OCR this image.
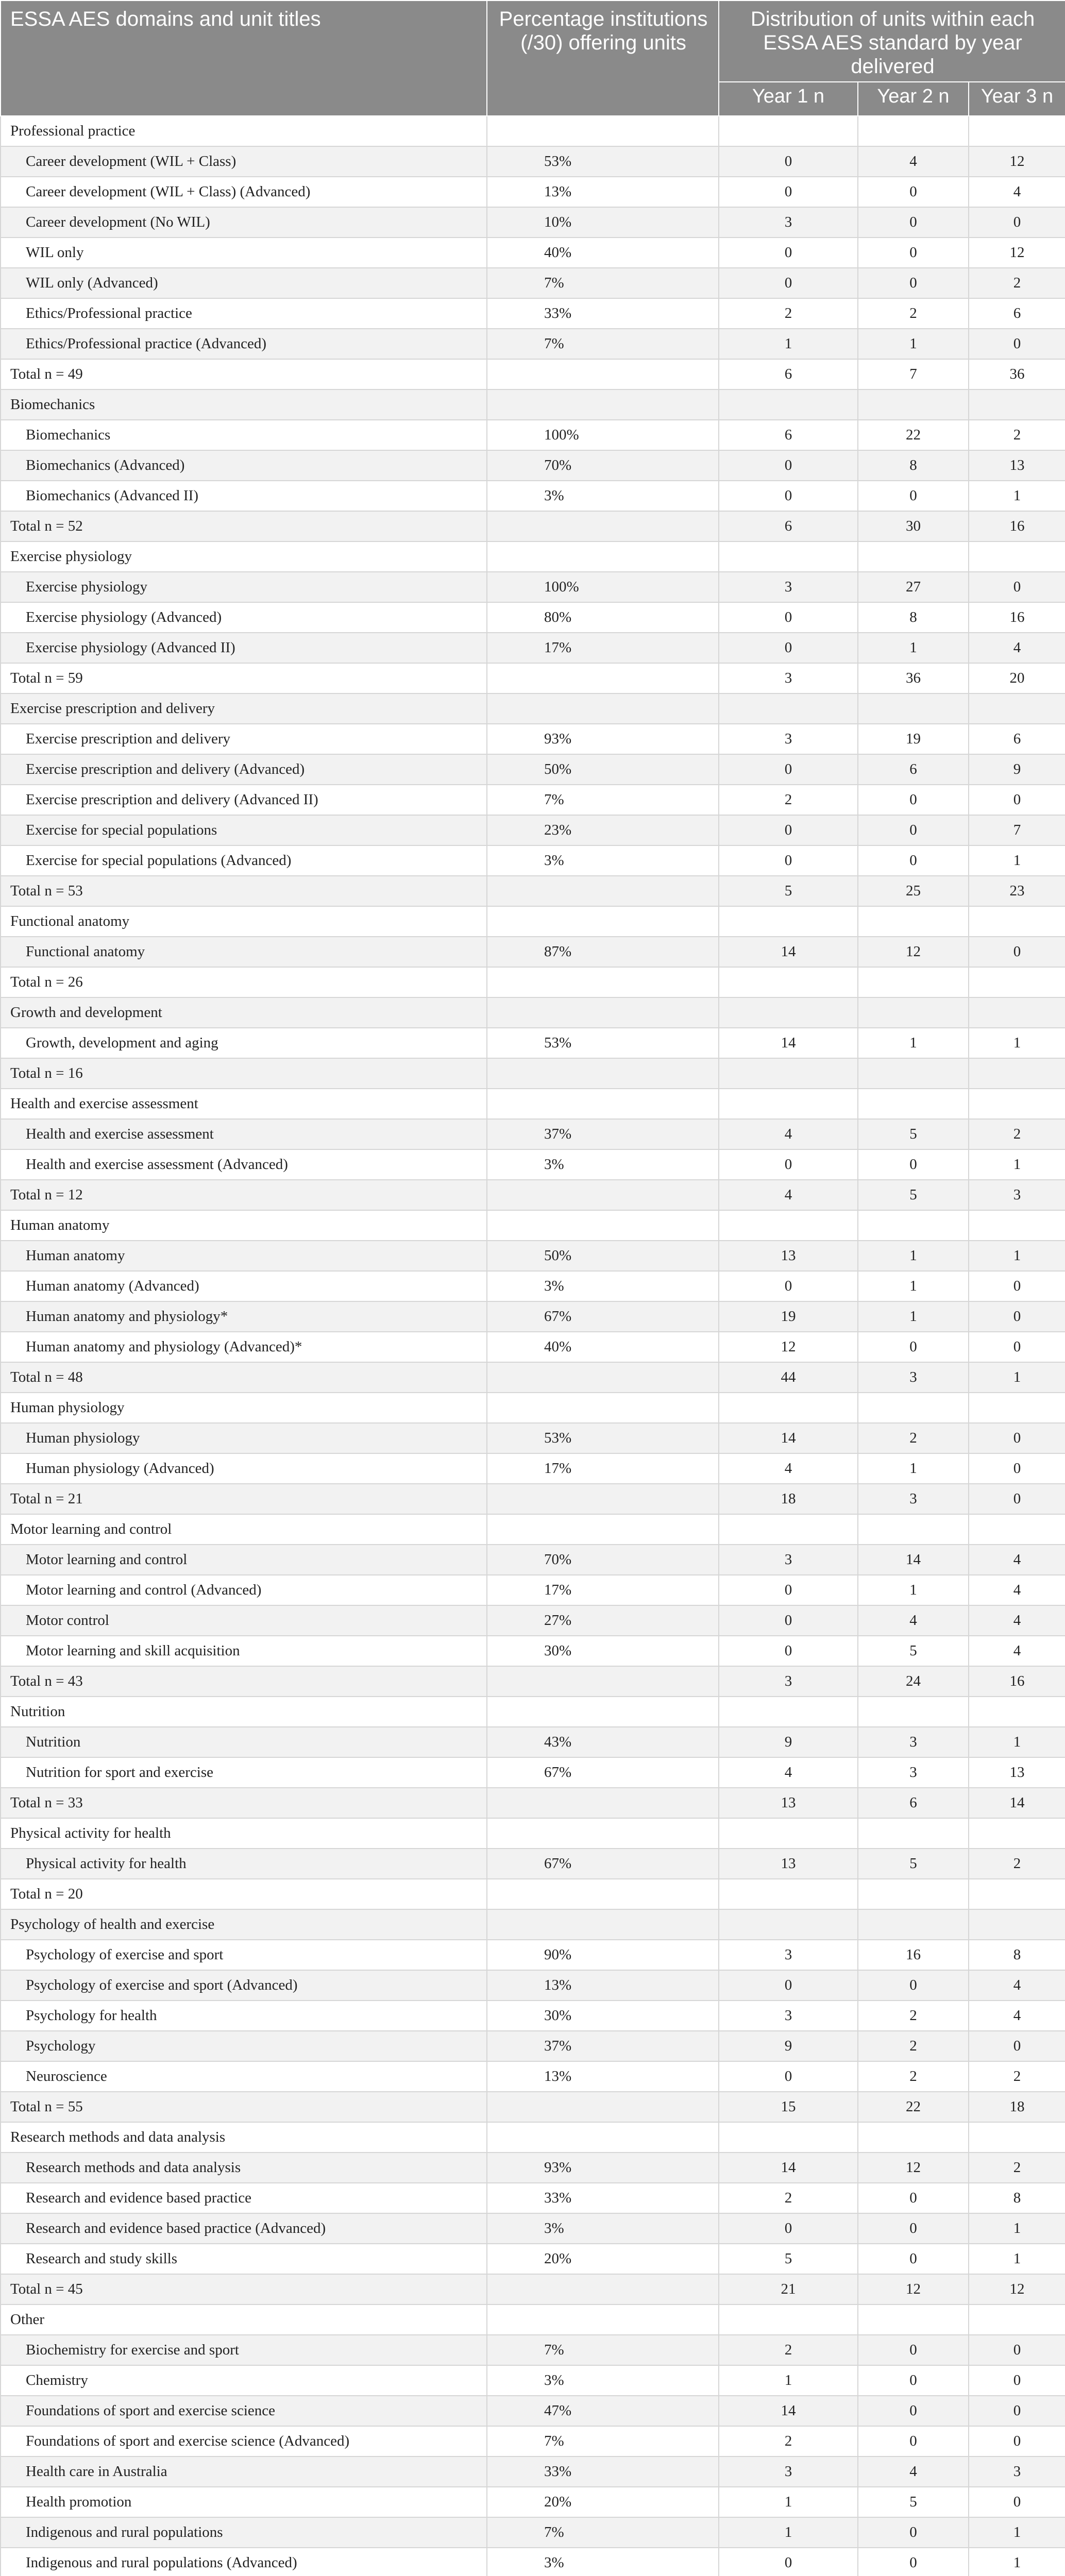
ESSA AES domains and unit titles	Percentage institutions (/30) offering units	Distribution of units within each ESSA AES standard by year delivered		
		Year 1 n	Year 2 n	Year 3 n
Professional practice				
Career development (WIL + Class)	53%	0	4	12
Career development (WIL + Class) (Advanced)	13%	0	0	4
Career development (No WIL)	10%	3	0	0
WIL only	40%	0	0	12
WIL only (Advanced)	7%	0	0	2
Ethics/Professional practice	33%	2	2	6
Ethics/Professional practice (Advanced)	7%	1	1	0
Total n = 49		6	7	36
Biomechanics				
Biomechanics	100%	6	22	2
Biomechanics (Advanced)	70%	0	8	13
Biomechanics (Advanced II)	3%	0	0	1
Total n = 52		6	30	16
Exercise physiology				
Exercise physiology	100%	3	27	0
Exercise physiology (Advanced)	80%	0	8	16
Exercise physiology (Advanced II)	17%	0	1	4
Total n = 59		3	36	20
Exercise prescription and delivery				
Exercise prescription and delivery	93%	3	19	6
Exercise prescription and delivery (Advanced)	50%	0	6	9
Exercise prescription and delivery (Advanced II)	7%	2	0	0
Exercise for special populations	23%	0	0	7
Exercise for special populations (Advanced)	3%	0	0	1
Total n = 53		5	25	23
Functional anatomy				
Functional anatomy	87%	14	12	0
Total n = 26				
Growth and development				
Growth, development and aging	53%	14	1	1
Total n = 16				
Health and exercise assessment				
Health and exercise assessment	37%	4	5	2
Health and exercise assessment (Advanced)	3%	0	0	1
Total n = 12		4	5	3
Human anatomy				
Human anatomy	50%	13	1	1
Human anatomy (Advanced)	3%	0	1	0
Human anatomy and physiology*	67%	19	1	0
Human anatomy and physiology (Advanced)*	40%	12	0	0
Total n = 48		44	3	1
Human physiology				
Human physiology	53%	14	2	0
Human physiology (Advanced)	17%	4	1	0
Total n = 21		18	3	0
Motor learning and control				
Motor learning and control	70%	3	14	4
Motor learning and control (Advanced)	17%	0	1	4
Motor control	27%	0	4	4
Motor learning and skill acquisition	30%	0	5	4
Total n = 43		3	24	16
Nutrition				
Nutrition	43%	9	3	1
Nutrition for sport and exercise	67%	4	3	13
Total n = 33		13	6	14
Physical activity for health				
Physical activity for health	67%	13	5	2
Total n = 20				
Psychology of health and exercise				
Psychology of exercise and sport	90%	3	16	8
Psychology of exercise and sport (Advanced)	13%	0	0	4
Psychology for health	30%	3	2	4
Psychology	37%	9	2	0
Neuroscience	13%	0	2	2
Total n = 55		15	22	18
Research methods and data analysis				
Research methods and data analysis	93%	14	12	2
Research and evidence based practice	33%	2	0	8
Research and evidence based practice (Advanced)	3%	0	0	1
Research and study skills	20%	5	0	1
Total n = 45		21	12	12
Other				
Biochemistry for exercise and sport	7%	2	0	0
Chemistry	3%	1	0	0
Foundations of sport and exercise science	47%	14	0	0
Foundations of sport and exercise science (Advanced)	7%	2	0	0
Health care in Australia	33%	3	4	3
Health promotion	20%	1	5	0
Indigenous and rural populations	7%	1	0	1
Indigenous and rural populations (Advanced)	3%	0	0	1
